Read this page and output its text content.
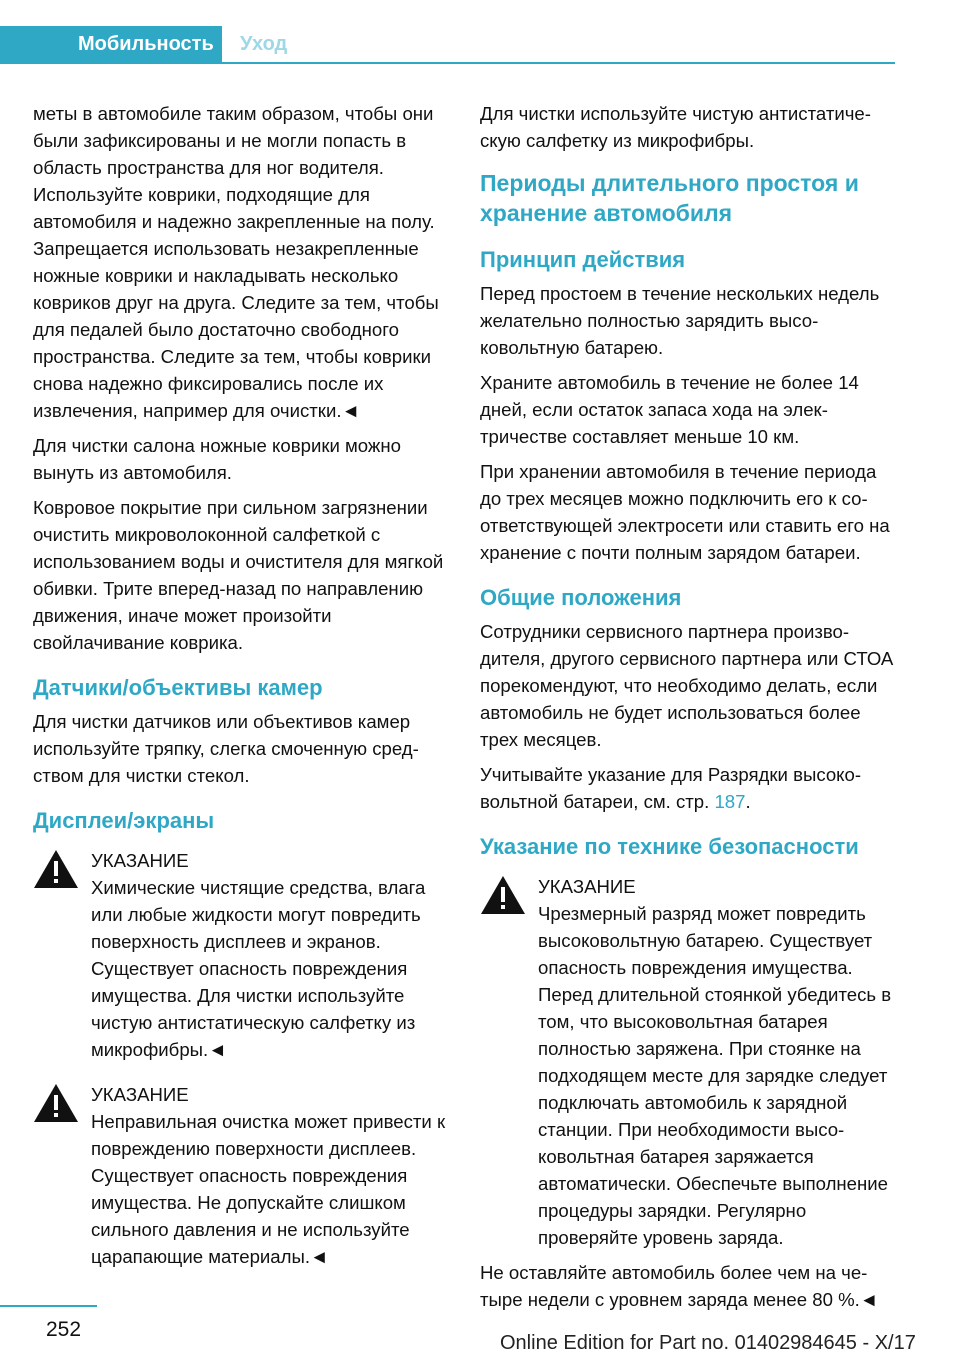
Мобильность Уход

меты в автомобиле таким образом, чтобы они были зафиксированы и не могли попасть в область пространства для ног водителя. Используйте коврики, подходящие для автомобиля и надежно закрепленные на полу. Запрещается использовать незакрепленные ножные коврики и накладывать несколько ковриков друг на друга. Следите за тем, чтобы для педалей было достаточно свободного пространства. Следите за тем, чтобы коврики снова надежно фиксировались после их извлечения, например для очистки.◄

Для чистки салона ножные коврики можно вынуть из автомобиля.

Ковровое покрытие при сильном загрязнении очистить микроволоконной салфеткой с использованием воды и очистителя для мягкой обивки. Трите вперед-назад по направлению движения, иначе может произойти свойлачивание коврика.

Датчики/объективы камер

Для чистки датчиков или объективов камер используйте тряпку, слегка смоченную средством для чистки стекол.

Дисплеи/экраны
УКАЗАНИЕ
Химические чистящие средства, влага или любые жидкости могут повредить поверхность дисплеев и экранов. Существует опасность повреждения имущества. Для чистки используйте чистую антистатическую салфетку из микрофибры.◄
УКАЗАНИЕ
Неправильная очистка может привести к повреждению поверхности дисплеев. Существует опасность повреждения имущества. Не допускайте слишком сильного давления и не используйте царапающие материалы.◄

Для чистки используйте чистую антистатическую салфетку из микрофибры.

Периоды длительного простоя и хранение автомобиля
Принцип действия

Перед простоем в течение нескольких недель желательно полностью зарядить высоковольтную батарею.

Храните автомобиль в течение не более 14 дней, если остаток запаса хода на электричестве составляет меньше 10 км.

При хранении автомобиля в течение периода до трех месяцев можно подключить его к соответствующей электросети или ставить его на хранение с почти полным зарядом батареи.

Общие положения

Сотрудники сервисного партнера производителя, другого сервисного партнера или СТОА порекомендуют, что необходимо делать, если автомобиль не будет использоваться более трех месяцев.

Учитывайте указание для Разрядки высоковольтной батареи, см. стр. 187.

Указание по технике безопасности
УКАЗАНИЕ
Чрезмерный разряд может повредить высоковольтную батарею. Существует опасность повреждения имущества. Перед длительной стоянкой убедитесь в том, что высоковольтная батарея полностью заряжена. При стоянке на подходящем месте для зарядке следует подключать автомобиль к зарядной станции. При необходимости высоковольтная батарея заряжается автоматически. Обеспечьте выполнение процедуры зарядки. Регулярно проверяйте уровень заряда.

Не оставляйте автомобиль более чем на четыре недели с уровнем заряда менее 80 %.◄

252
Online Edition for Part no. 01402984645 - X/17
